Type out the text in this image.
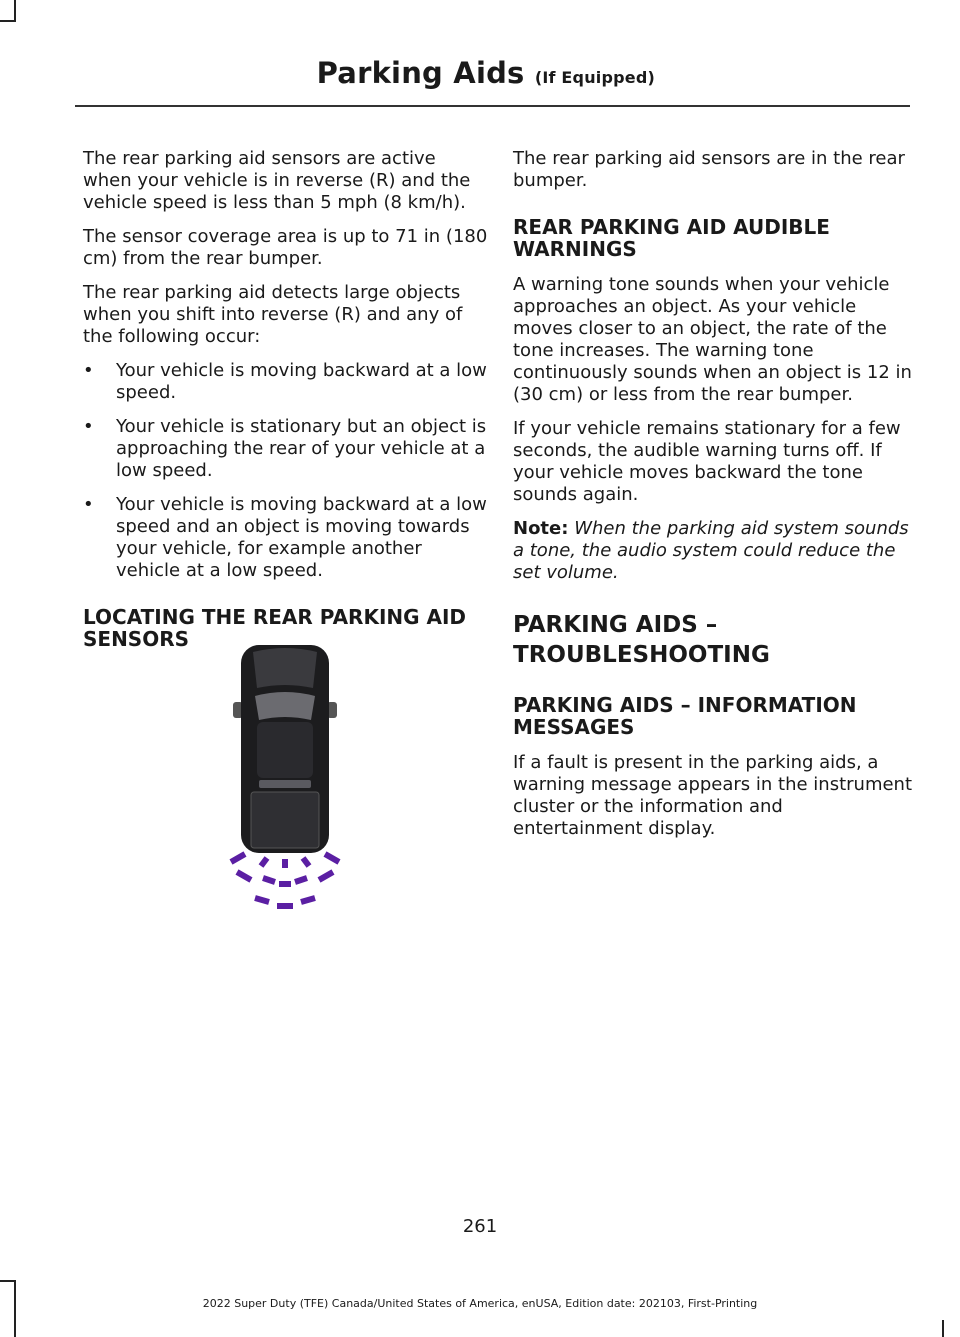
Parking Aids (If Equipped)

The rear parking aid sensors are active when your vehicle is in reverse (R) and the vehicle speed is less than 5 mph (8 km/h).

The sensor coverage area is up to 71 in (180 cm) from the rear bumper.

The rear parking aid detects large objects when you shift into reverse (R) and any of the following occur:

• Your vehicle is moving backward at a low speed.
• Your vehicle is stationary but an object is approaching the rear of your vehicle at a low speed.
• Your vehicle is moving backward at a low speed and an object is moving towards your vehicle, for example another vehicle at a low speed.
LOCATING THE REAR PARKING AID SENSORS

The rear parking aid sensors are in the rear bumper.

REAR PARKING AID AUDIBLE WARNINGS

A warning tone sounds when your vehicle approaches an object. As your vehicle moves closer to an object, the rate of the tone increases. The warning tone continuously sounds when an object is 12 in (30 cm) or less from the rear bumper.

If your vehicle remains stationary for a few seconds, the audible warning turns off. If your vehicle moves backward the tone sounds again.

Note: When the parking aid system sounds a tone, the audio system could reduce the set volume.

PARKING AIDS –
TROUBLESHOOTING
PARKING AIDS – INFORMATION MESSAGES

If a fault is present in the parking aids, a warning message appears in the instrument cluster or the information and entertainment display.

261
2022 Super Duty (TFE) Canada/United States of America, enUSA, Edition date: 202103, First-Printing
